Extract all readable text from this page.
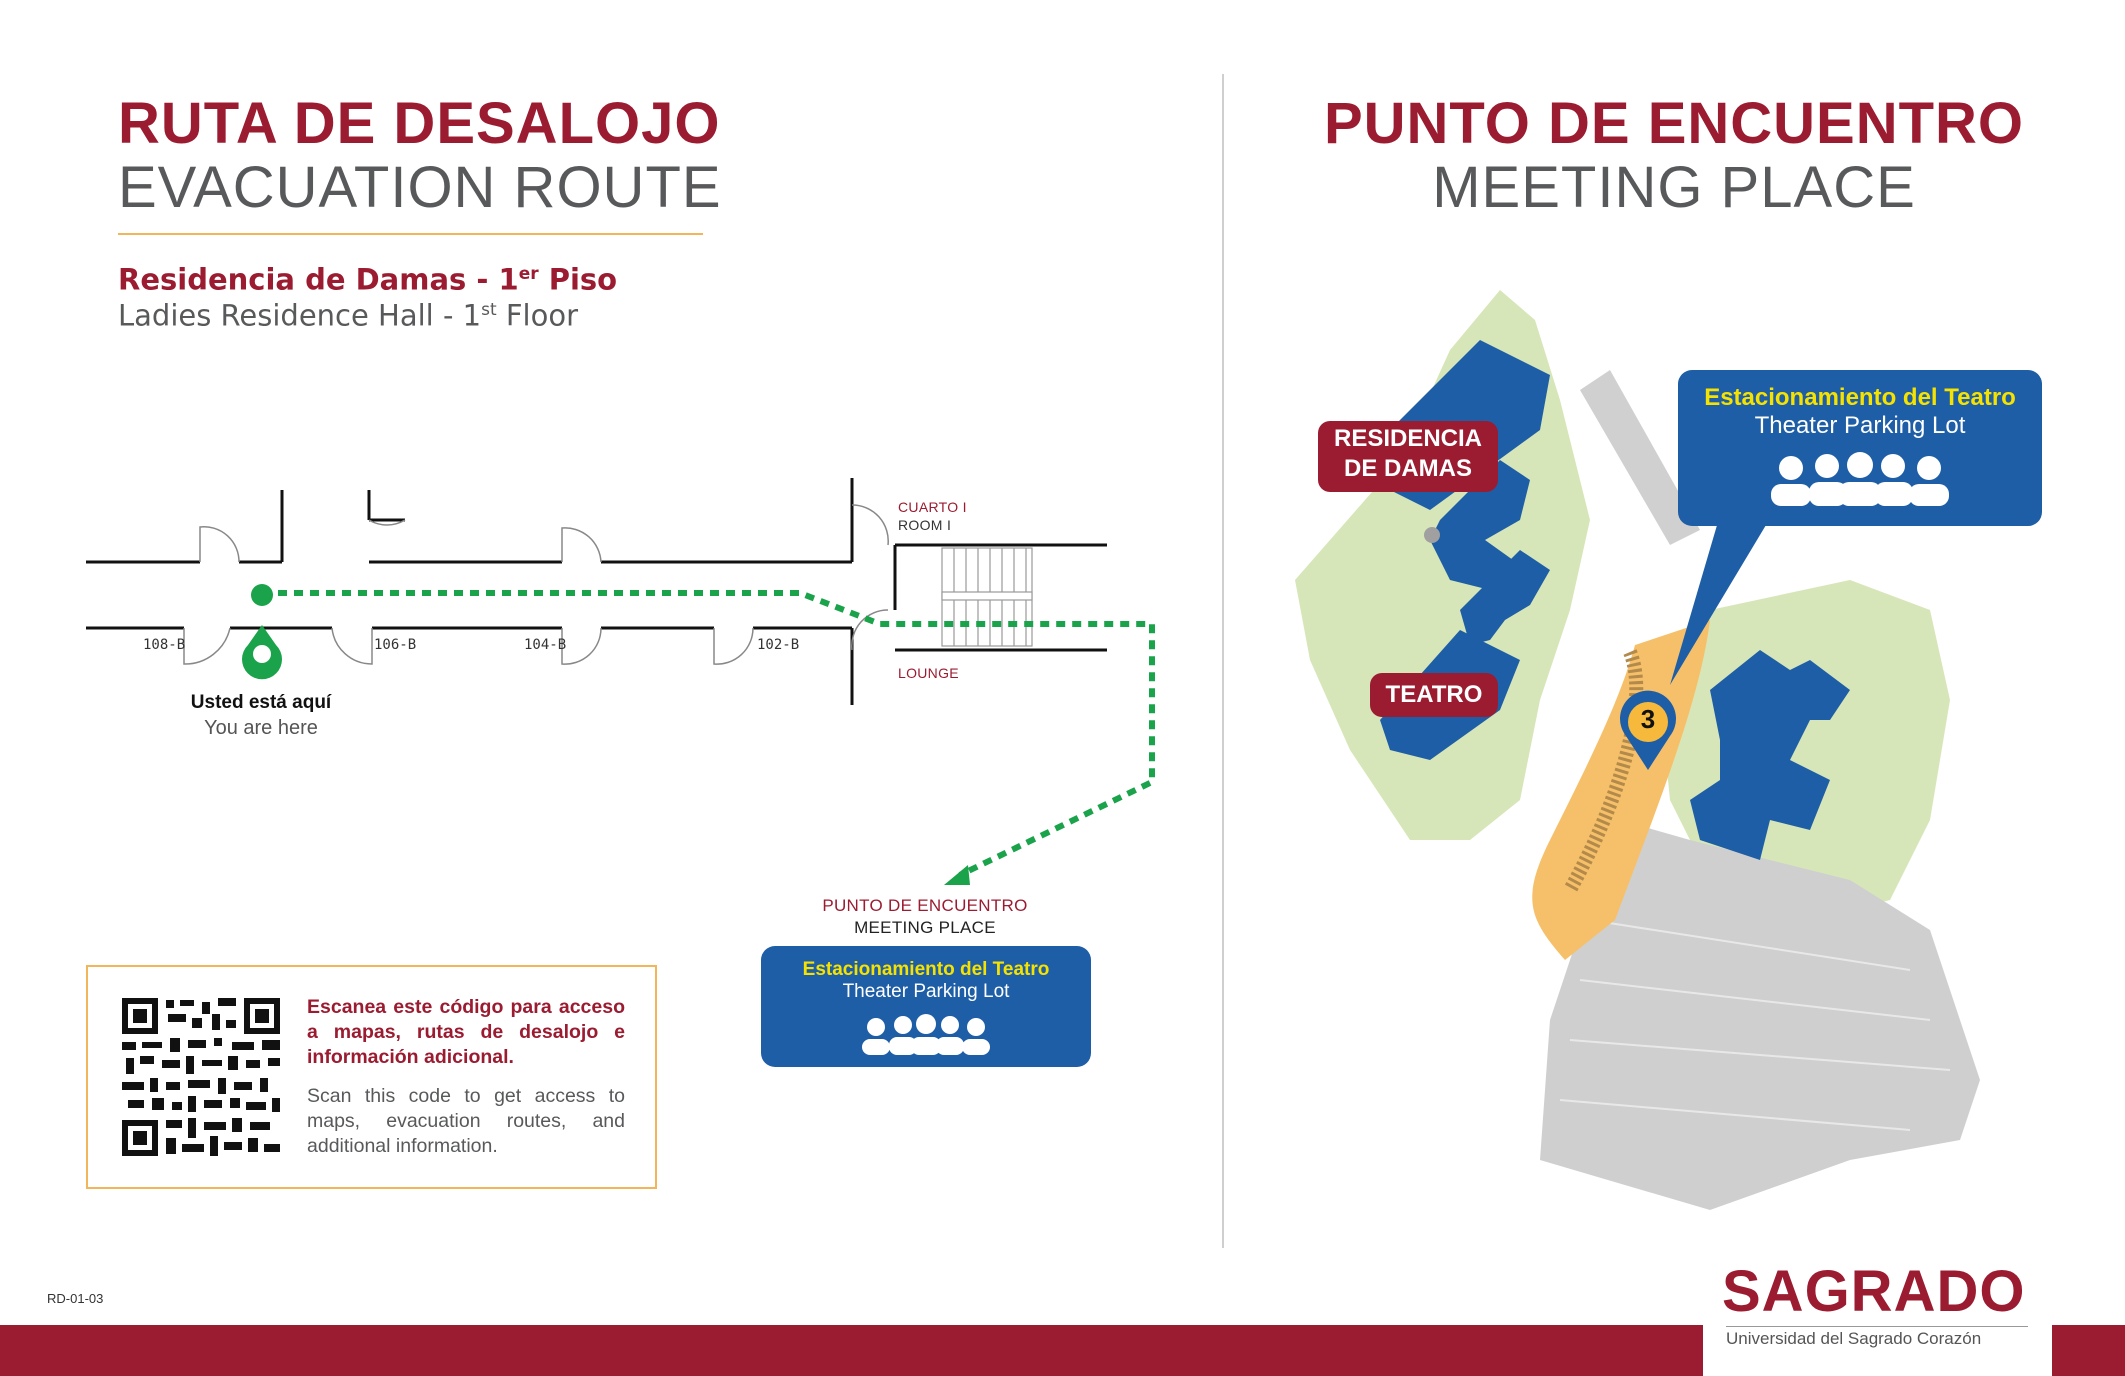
RUTA DE DESALOJO
EVACUATION ROUTE
Residencia de Damas - 1er Piso
Ladies Residence Hall - 1st Floor
108-B	106-B	104-B	102-B
CUARTO I
ROOM I
LOUNGE
Usted está aquí
You are here
PUNTO DE ENCUENTRO
MEETING PLACE
Estacionamiento del Teatro
Theater Parking Lot
Escanea este código para acceso a mapas, rutas de desalojo e información adicional.
Scan this code to get access to maps, evacuation routes, and additional information.
PUNTO DE ENCUENTRO
MEETING PLACE
RESIDENCIA
DE DAMAS
TEATRO
3
Estacionamiento del Teatro
Theater Parking Lot
RD-01-03	SAGRADO
Universidad del Sagrado Corazón
